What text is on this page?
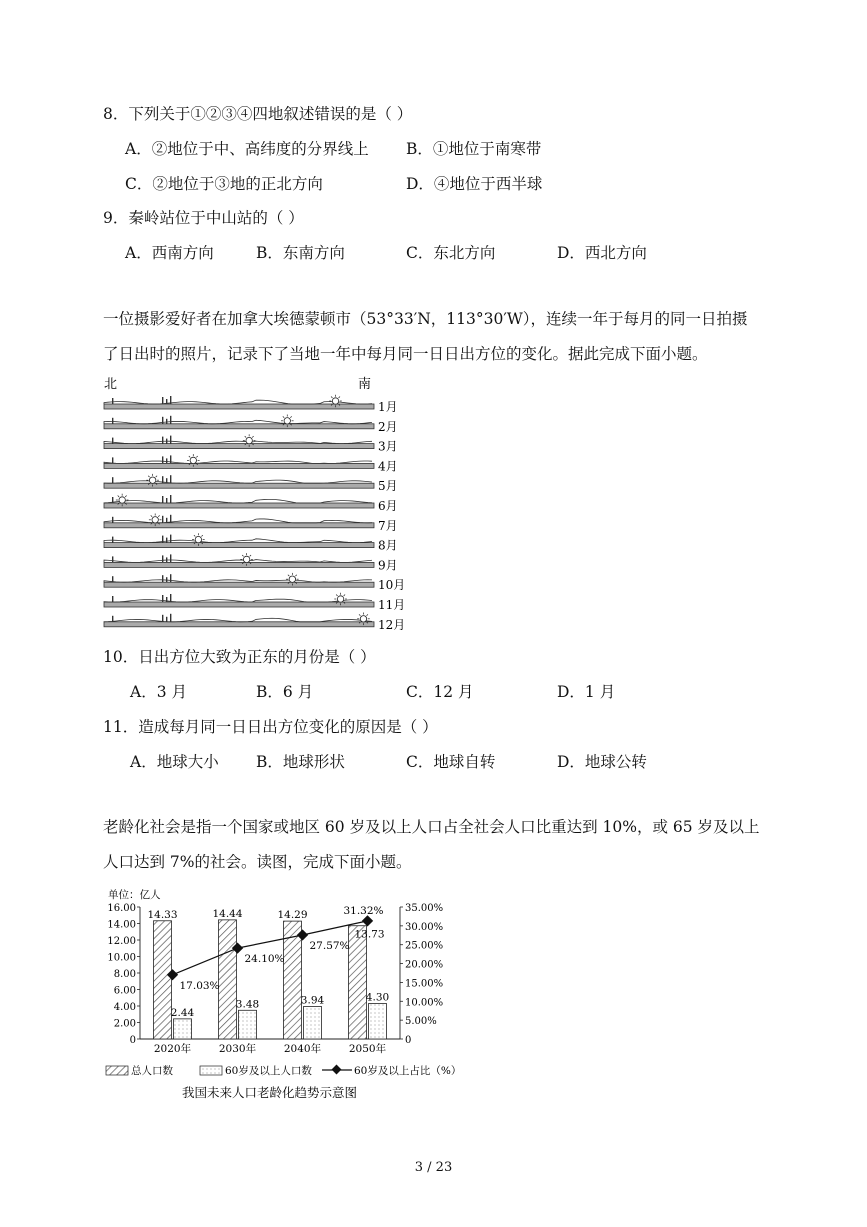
8．下列关于①②③④四地叙述错误的是（ ）
A．②地位于中、高纬度的分界线上 B．①地位于南寒带
C．②地位于③地的正北方向	D．④地位于西半球
9．秦岭站位于中山站的（ ）
A．西南方向	B．东南方向	C．东北方向	D．西北方向
一位摄影爱好者在加拿大埃德蒙顿市（53°33′N，113°30′W），连续一年于每月的同一日拍摄了日出时的照片，记录下了当地一年中每月同一日日出方位的变化。据此完成下面小题。
北	南
1月
2月
3月
4月
5月
6月
7月
8月
9月
10月
11月
12月
10．日出方位大致为正东的月份是（ ）
A．3 月	B．6 月	C．12 月	D．1 月
11．造成每月同一日日出方位变化的原因是（ ）
A．地球大小 B．地球形状	C．地球自转	D．地球公转
老龄化社会是指一个国家或地区 60 岁及以上人口占全社会人口比重达到 10%，或 65 岁及以上人口达到 7%的社会。读图，完成下面小题。
单位：亿人
0
2.00
4.00
6.00
8.00
10.00
12.00
14.00
16.00
0
5.00%
10.00%
15.00%
20.00%
25.00%
30.00%
35.00%
2020年	2030年	2040年	2050年
14.33
2.44
14.44
3.48
14.29
3.94
13.73
4.30
17.03%
24.10%
27.57%
31.32%
总人口数	60岁及以上人口数	60岁及以上占比（%）
我国未来人口老龄化趋势示意图
3 / 23
